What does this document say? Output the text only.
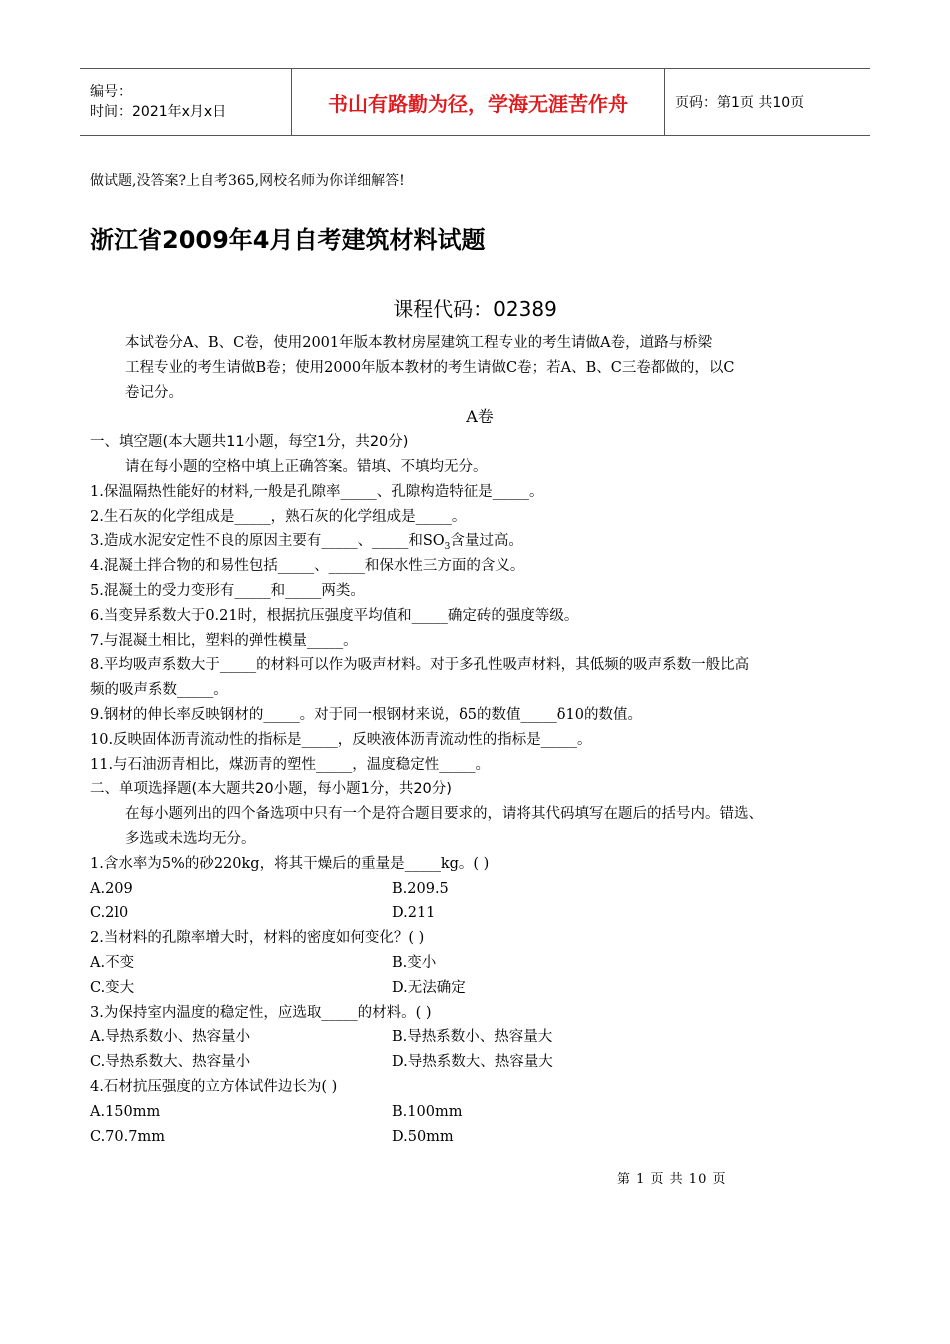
编号：
时间：2021年x月x日	书山有路勤为径，学海无涯苦作舟	页码：第1页 共10页
做试题,没答案?上自考365,网校名师为你详细解答!
浙江省2009年4月自考建筑材料试题
课程代码：02389
本试卷分A、B、C卷，使用2001年版本教材房屋建筑工程专业的考生请做A卷，道路与桥梁
工程专业的考生请做B卷；使用2000年版本教材的考生请做C卷；若A、B、C三卷都做的，以C
卷记分。
A卷
一、填空题(本大题共11小题，每空1分，共20分)
请在每小题的空格中填上正确答案。错填、不填均无分。
1.保温隔热性能好的材料,一般是孔隙率_____、孔隙构造特征是_____。
2.生石灰的化学组成是_____，熟石灰的化学组成是_____。
3.造成水泥安定性不良的原因主要有_____、_____和$SO_3$含量过高。
4.混凝土拌合物的和易性包括_____、_____和保水性三方面的含义。
5.混凝土的受力变形有_____和_____两类。
6.当变异系数大于0.21时，根据抗压强度平均值和_____确定砖的强度等级。
7.与混凝土相比，塑料的弹性模量_____。
8.平均吸声系数大于_____的材料可以作为吸声材料。对于多孔性吸声材料，其低频的吸声系数一般比高
频的吸声系数_____。
9.钢材的伸长率反映钢材的_____。对于同一根钢材来说，δ5的数值_____δ10的数值。
10.反映固体沥青流动性的指标是_____，反映液体沥青流动性的指标是_____。
11.与石油沥青相比，煤沥青的塑性_____，温度稳定性_____。
二、单项选择题(本大题共20小题，每小题1分，共20分)
在每小题列出的四个备选项中只有一个是符合题目要求的，请将其代码填写在题后的括号内。错选、
多选或未选均无分。
1.含水率为5%的砂220kg，将其干燥后的重量是_____kg。( )
A.209	B.209.5
C.2l0	D.211
2.当材料的孔隙率增大时，材料的密度如何变化？( )
A.不变	B.变小
C.变大	D.无法确定
3.为保持室内温度的稳定性，应选取_____的材料。( )
A.导热系数小、热容量小	B.导热系数小、热容量大
C.导热系数大、热容量小	D.导热系数大、热容量大
4.石材抗压强度的立方体试件边长为( )
A.150mm	B.100mm
C.70.7mm	D.50mm
第 1 页 共 10 页
